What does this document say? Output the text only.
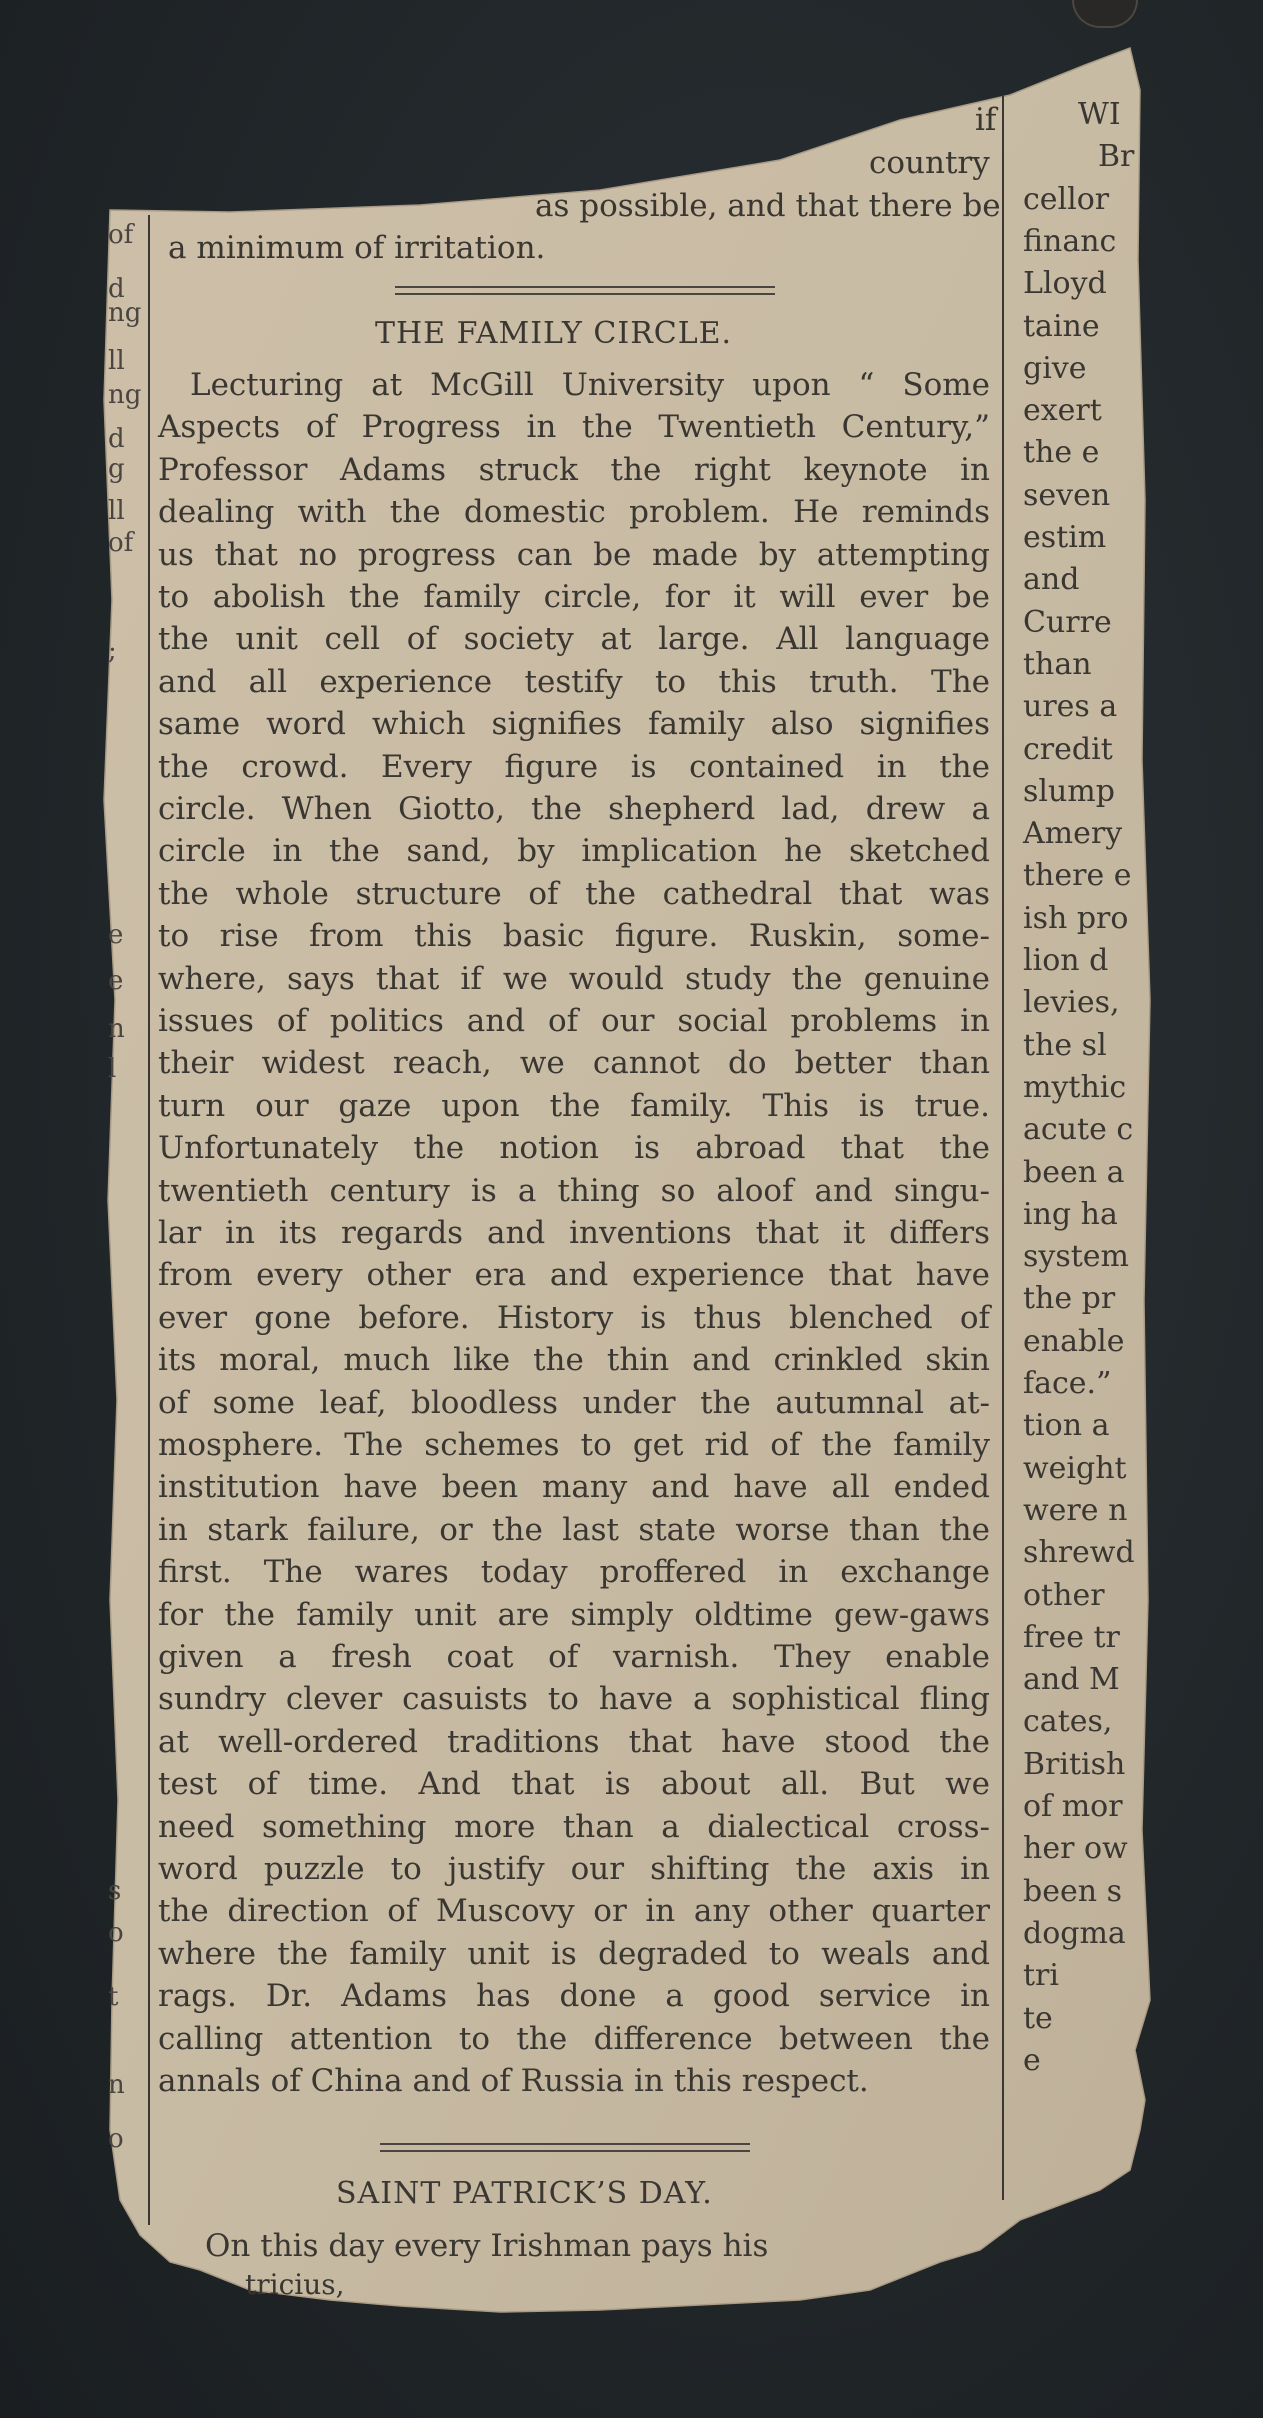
of
d
ng
ll
ng
d
g
ll
of
;
e
e
n
l
s
o
t
n
o
if
country
as possible, and that there be
a minimum of irritation.
THE FAMILY CIRCLE.
Lecturing at McGill University upon “ Some
Aspects of Progress in the Twentieth Century,”
Professor Adams struck the right keynote in
dealing with the domestic problem. He reminds
us that no progress can be made by attempting
to abolish the family circle, for it will ever be
the unit cell of society at large. All language
and all experience testify to this truth. The
same word which signifies family also signifies
the crowd. Every figure is contained in the
circle. When Giotto, the shepherd lad, drew a
circle in the sand, by implication he sketched
the whole structure of the cathedral that was
to rise from this basic figure. Ruskin, some-
where, says that if we would study the genuine
issues of politics and of our social problems in
their widest reach, we cannot do better than
turn our gaze upon the family. This is true.
Unfortunately the notion is abroad that the
twentieth century is a thing so aloof and singu-
lar in its regards and inventions that it differs
from every other era and experience that have
ever gone before. History is thus blenched of
its moral, much like the thin and crinkled skin
of some leaf, bloodless under the autumnal at-
mosphere. The schemes to get rid of the family
institution have been many and have all ended
in stark failure, or the last state worse than the
first. The wares today proffered in exchange
for the family unit are simply oldtime gew-gaws
given a fresh coat of varnish. They enable
sundry clever casuists to have a sophistical fling
at well-ordered traditions that have stood the
test of time. And that is about all. But we
need something more than a dialectical cross-
word puzzle to justify our shifting the axis in
the direction of Muscovy or in any other quarter
where the family unit is degraded to weals and
rags. Dr. Adams has done a good service in
calling attention to the difference between the
annals of China and of Russia in this respect.
SAINT PATRICK’S DAY.
On this day every Irishman pays his
tricius,
WI
Br
cellor
financ
Lloyd
taine
give
exert
the e
seven
estim
and
Curre
than
ures a
credit
slump
Amery
there e
ish pro
lion d
levies,
the sl
mythic
acute c
been a
ing ha
system
the pr
enable
face.”
tion a
weight
were n
shrewd
other
free tr
and M
cates,
British
of mor
her ow
been s
dogma
tri
te
e
